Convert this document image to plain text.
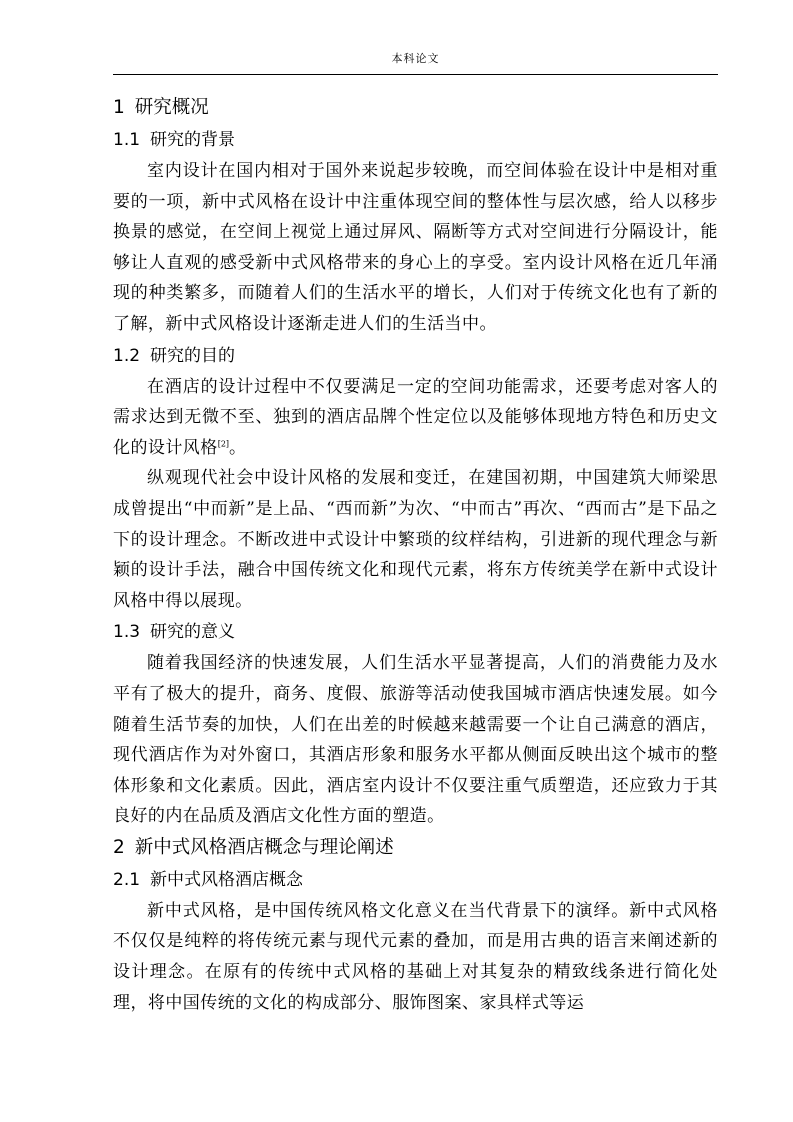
本科论文
1 研究概况
1.1 研究的背景

室内设计在国内相对于国外来说起步较晚，而空间体验在设计中是相对重要的一项，新中式风格在设计中注重体现空间的整体性与层次感，给人以移步换景的感觉，在空间上视觉上通过屏风、隔断等方式对空间进行分隔设计，能够让人直观的感受新中式风格带来的身心上的享受。室内设计风格在近几年涌现的种类繁多，而随着人们的生活水平的增长，人们对于传统文化也有了新的了解，新中式风格设计逐渐走进人们的生活当中。

1.2 研究的目的

在酒店的设计过程中不仅要满足一定的空间功能需求，还要考虑对客人的需求达到无微不至、独到的酒店品牌个性定位以及能够体现地方特色和历史文化的设计风格[2]。

纵观现代社会中设计风格的发展和变迁，在建国初期，中国建筑大师梁思成曾提出“中而新”是上品、“西而新”为次、“中而古”再次、“西而古”是下品之下的设计理念。不断改进中式设计中繁琐的纹样结构，引进新的现代理念与新颖的设计手法，融合中国传统文化和现代元素，将东方传统美学在新中式设计风格中得以展现。

1.3 研究的意义

随着我国经济的快速发展，人们生活水平显著提高，人们的消费能力及水平有了极大的提升，商务、度假、旅游等活动使我国城市酒店快速发展。如今随着生活节奏的加快，人们在出差的时候越来越需要一个让自己满意的酒店，现代酒店作为对外窗口，其酒店形象和服务水平都从侧面反映出这个城市的整体形象和文化素质。因此，酒店室内设计不仅要注重气质塑造，还应致力于其良好的内在品质及酒店文化性方面的塑造。

2 新中式风格酒店概念与理论阐述
2.1 新中式风格酒店概念

新中式风格，是中国传统风格文化意义在当代背景下的演绎。新中式风格不仅仅是纯粹的将传统元素与现代元素的叠加，而是用古典的语言来阐述新的设计理念。在原有的传统中式风格的基础上对其复杂的精致线条进行简化处理，将中国传统的文化的构成部分、服饰图案、家具样式等运
